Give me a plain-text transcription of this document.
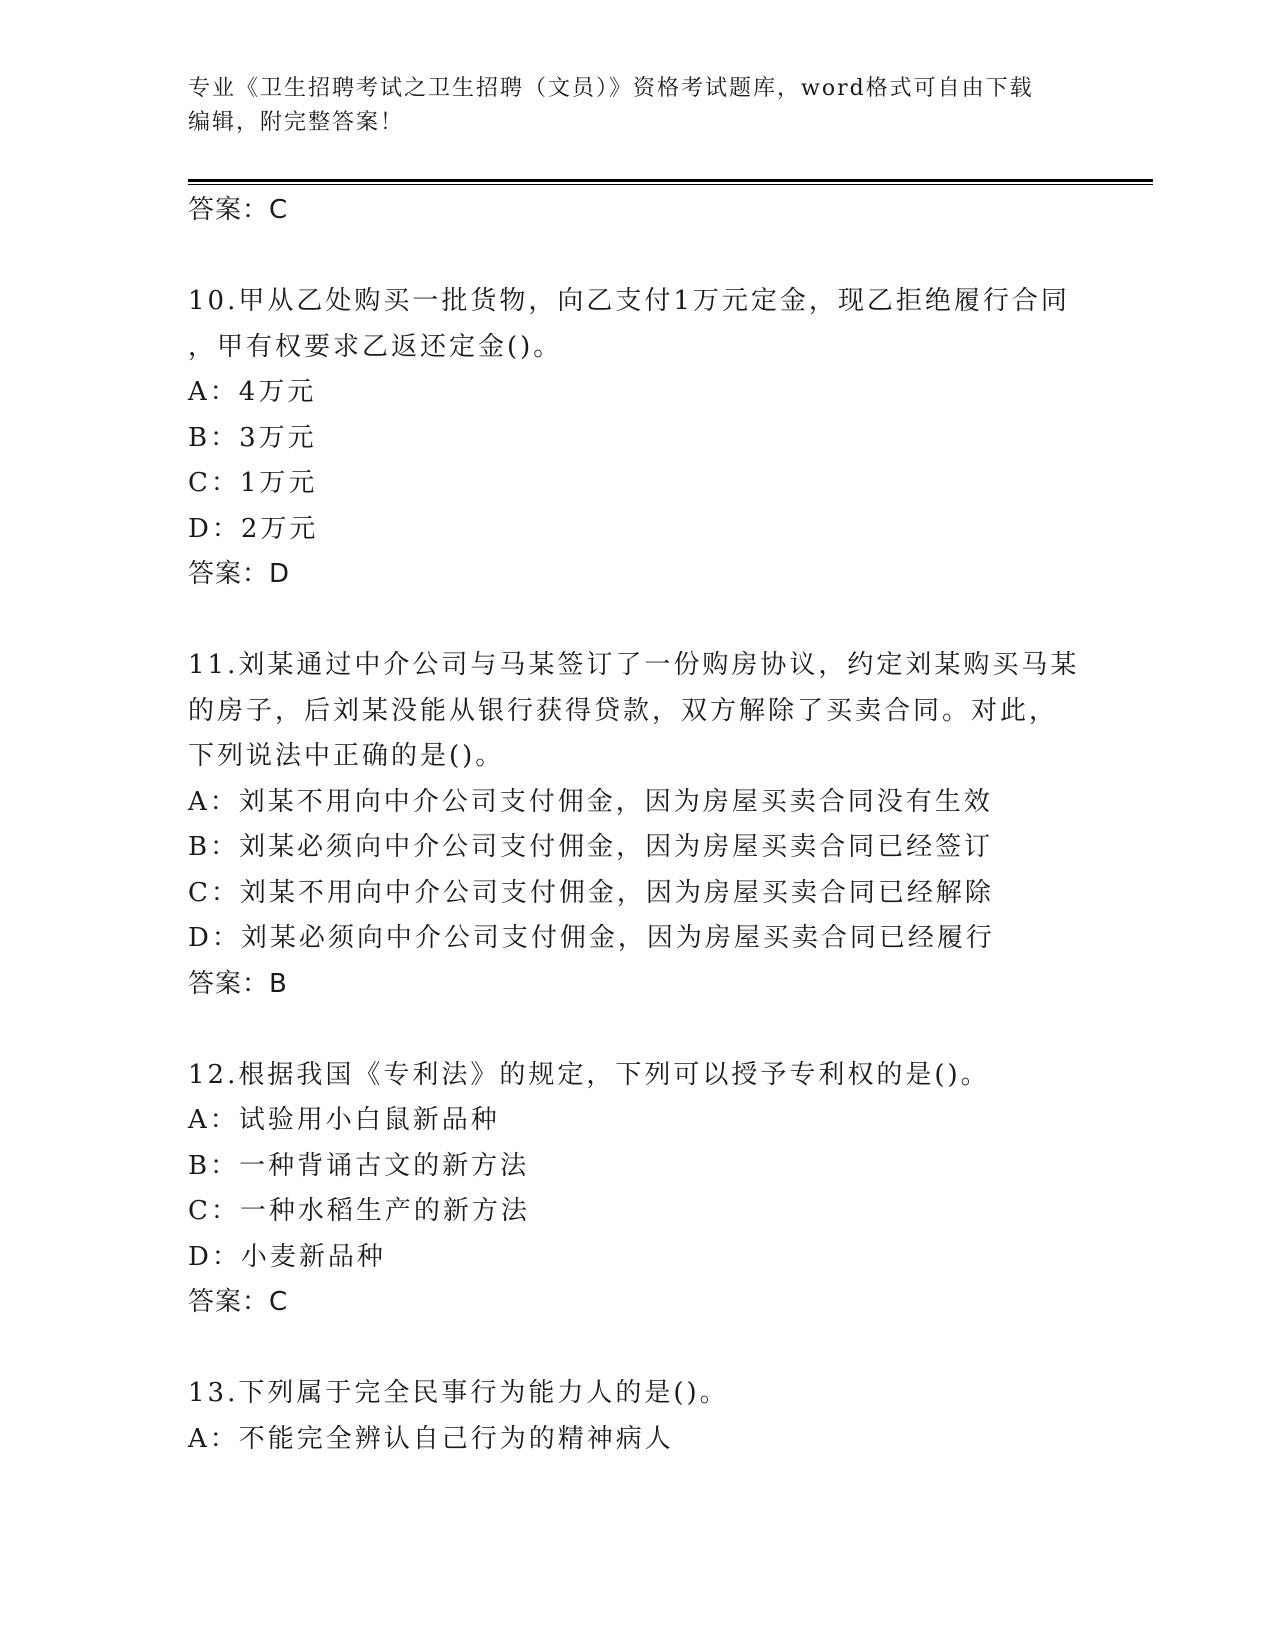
专业《卫生招聘考试之卫生招聘（文员）》资格考试题库，word格式可自由下载
编辑，附完整答案！
答案：C
10.甲从乙处购买一批货物，向乙支付1万元定金，现乙拒绝履行合同
，甲有权要求乙返还定金()。
A：4万元
B：3万元
C：1万元
D：2万元
答案：D
11.刘某通过中介公司与马某签订了一份购房协议，约定刘某购买马某
的房子，后刘某没能从银行获得贷款，双方解除了买卖合同。对此，
下列说法中正确的是()。
A：刘某不用向中介公司支付佣金，因为房屋买卖合同没有生效
B：刘某必须向中介公司支付佣金，因为房屋买卖合同已经签订
C：刘某不用向中介公司支付佣金，因为房屋买卖合同已经解除
D：刘某必须向中介公司支付佣金，因为房屋买卖合同已经履行
答案：B
12.根据我国《专利法》的规定，下列可以授予专利权的是()。
A：试验用小白鼠新品种
B：一种背诵古文的新方法
C：一种水稻生产的新方法
D：小麦新品种
答案：C
13.下列属于完全民事行为能力人的是()。
A：不能完全辨认自己行为的精神病人
